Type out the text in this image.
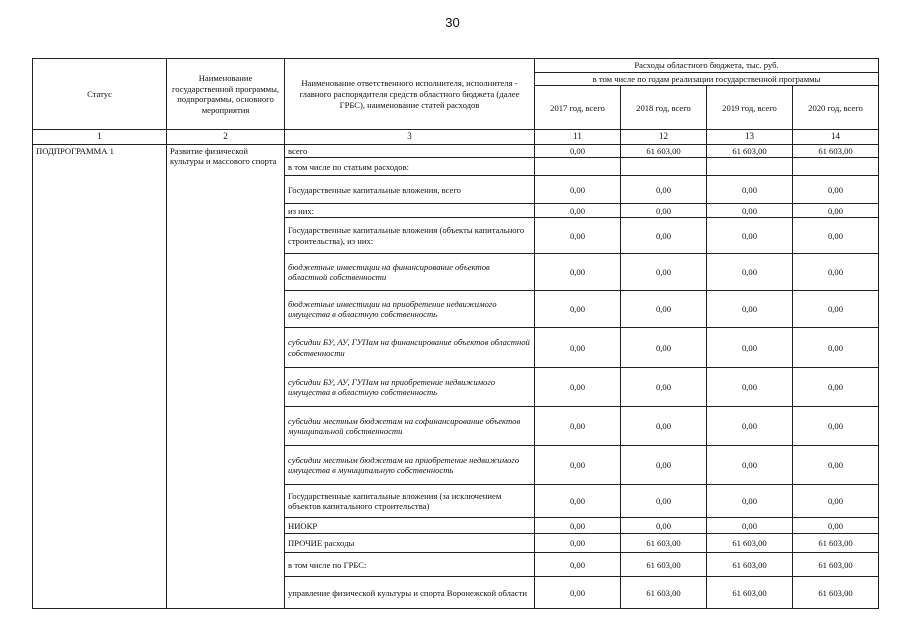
30
Статус	Наименование государственной программы, подпрограммы, основного мероприятия	Наименование ответственного исполнителя, исполнителя - главного распорядителя средств областного бюджета (далее ГРБС), наименование статей расходов	Расходы областного бюджета, тыс. руб.			
			в том числе по годам реализации государственной программы			
			2017 год, всего	2018 год, всего	2019 год, всего	2020 год, всего
1	2	3	11	12	13	14
ПОДПРОГРАММА 1	Развитие физической культуры и массового спорта	всего	0,00	61 603,00	61 603,00	61 603,00
		в том числе по статьям расходов:				
		Государственные капитальные вложения, всего	0,00	0,00	0,00	0,00
		из них:	0,00	0,00	0,00	0,00
		Государственные капитальные вложения (объекты капитального строительства), из них:	0,00	0,00	0,00	0,00
		бюджетные инвестиции на финансирование объектов областной собственности	0,00	0,00	0,00	0,00
		бюджетные инвестиции на приобретение недвижимого имущества в областную собственность	0,00	0,00	0,00	0,00
		субсидии БУ, АУ, ГУПам на финансирование объектов областной собственности	0,00	0,00	0,00	0,00
		субсидии БУ, АУ, ГУПам на приобретение недвижимого имущества в областную собственность	0,00	0,00	0,00	0,00
		субсидии местным бюджетам на софинансирование объектов муниципальной собственности	0,00	0,00	0,00	0,00
		субсидии местным бюджетам на приобретение недвижимого имущества в муниципальную собственность	0,00	0,00	0,00	0,00
		Государственные капитальные вложения (за исключением объектов капитального строительства)	0,00	0,00	0,00	0,00
		НИОКР	0,00	0,00	0,00	0,00
		ПРОЧИЕ расходы	0,00	61 603,00	61 603,00	61 603,00
		в том числе по ГРБС:	0,00	61 603,00	61 603,00	61 603,00
		управление физической культуры и спорта Воронежской области	0,00	61 603,00	61 603,00	61 603,00
